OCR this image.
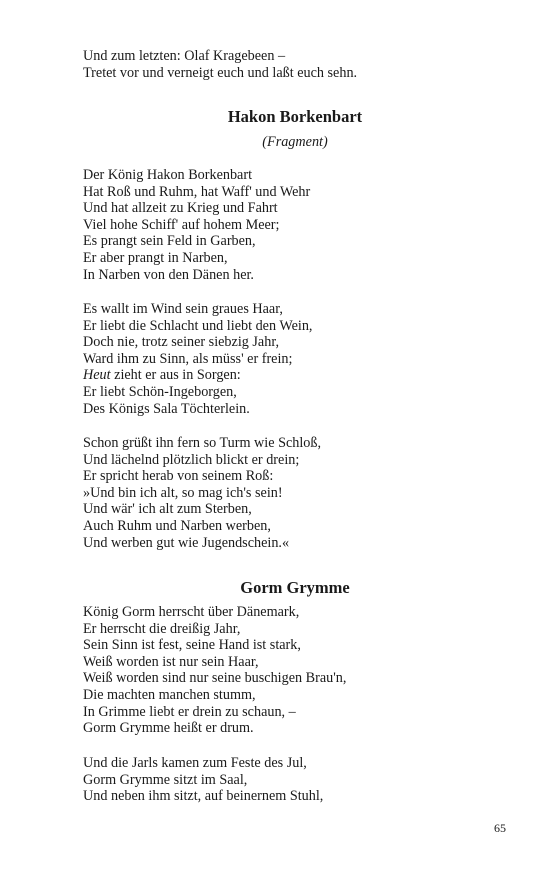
Und zum letzten: Olaf Kragebeen –
Tretet vor und verneigt euch und laßt euch sehn.
Hakon Borkenbart
(Fragment)
Der König Hakon Borkenbart
Hat Roß und Ruhm, hat Waff' und Wehr
Und hat allzeit zu Krieg und Fahrt
Viel hohe Schiff' auf hohem Meer;
Es prangt sein Feld in Garben,
Er aber prangt in Narben,
In Narben von den Dänen her.
Es wallt im Wind sein graues Haar,
Er liebt die Schlacht und liebt den Wein,
Doch nie, trotz seiner siebzig Jahr,
Ward ihm zu Sinn, als müss' er frein;
Heut zieht er aus in Sorgen:
Er liebt Schön-Ingeborgen,
Des Königs Sala Töchterlein.
Schon grüßt ihn fern so Turm wie Schloß,
Und lächelnd plötzlich blickt er drein;
Er spricht herab von seinem Roß:
»Und bin ich alt, so mag ich's sein!
Und wär' ich alt zum Sterben,
Auch Ruhm und Narben werben,
Und werben gut wie Jugendschein.«
Gorm Grymme
König Gorm herrscht über Dänemark,
Er herrscht die dreißig Jahr,
Sein Sinn ist fest, seine Hand ist stark,
Weiß worden ist nur sein Haar,
Weiß worden sind nur seine buschigen Brau'n,
Die machten manchen stumm,
In Grimme liebt er drein zu schaun, –
Gorm Grymme heißt er drum.
Und die Jarls kamen zum Feste des Jul,
Gorm Grymme sitzt im Saal,
Und neben ihm sitzt, auf beinernem Stuhl,
65
